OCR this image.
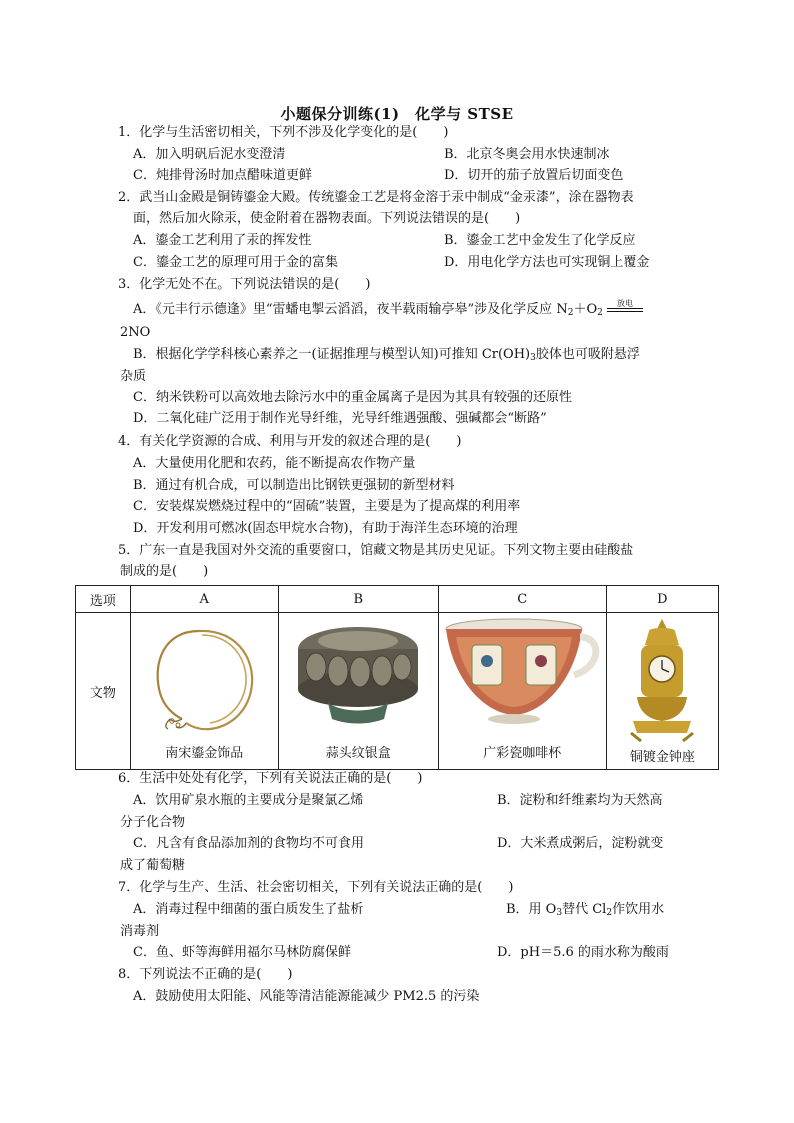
小题保分训练(1)　化学与 STSE
1．化学与生活密切相关，下列不涉及化学变化的是(　　)
A．加入明矾后泥水变澄清	B．北京冬奥会用水快速制冰
C．炖排骨汤时加点醋味道更鲜	D．切开的茄子放置后切面变色
2．武当山金殿是铜铸鎏金大殿。传统鎏金工艺是将金溶于汞中制成“金汞漆”，涂在器物表
面，然后加火除汞，使金附着在器物表面。下列说法错误的是(　　)
A．鎏金工艺利用了汞的挥发性	B．鎏金工艺中金发生了化学反应
C．鎏金工艺的原理可用于金的富集	D．用电化学方法也可实现铜上覆金
3．化学无处不在。下列说法错误的是(　　)
A．《元丰行示德逢》里“雷蟠电掣云滔滔，夜半载雨输亭皋”涉及化学反应 $N_2+O_2$
放电
2NO
B．根据化学学科核心素养之一(证据推理与模型认知)可推知 $Cr(OH)_3$胶体也可吸附悬浮
杂质
C．纳米铁粉可以高效地去除污水中的重金属离子是因为其具有较强的还原性
D．二氧化硅广泛用于制作光导纤维，光导纤维遇强酸、强碱都会“断路”
4．有关化学资源的合成、利用与开发的叙述合理的是(　　)
A．大量使用化肥和农药，能不断提高农作物产量
B．通过有机合成，可以制造出比钢铁更强韧的新型材料
C．安装煤炭燃烧过程中的“固硫”装置，主要是为了提高煤的利用率
D．开发利用可燃冰(固态甲烷水合物)，有助于海洋生态环境的治理
5．广东一直是我国对外交流的重要窗口，馆藏文物是其历史见证。下列文物主要由硅酸盐
制成的是(　　)
选项	A	B	C	D
文物	南宋鎏金饰品	蒜头纹银盒	广彩瓷咖啡杯	铜镀金钟座
6．生活中处处有化学，下列有关说法正确的是(　　)
A．饮用矿泉水瓶的主要成分是聚氯乙烯	B．淀粉和纤维素均为天然高
分子化合物
C．凡含有食品添加剂的食物均不可食用	D．大米煮成粥后，淀粉就变
成了葡萄糖
7．化学与生产、生活、社会密切相关，下列有关说法正确的是(　　)
A．消毒过程中细菌的蛋白质发生了盐析	B．用 $O_3$替代 $Cl_2$作饮用水
消毒剂
C．鱼、虾等海鲜用福尔马林防腐保鲜	D．pH＝5.6 的雨水称为酸雨
8．下列说法不正确的是(　　)
A．鼓励使用太阳能、风能等清洁能源能减少 PM2.5 的污染
